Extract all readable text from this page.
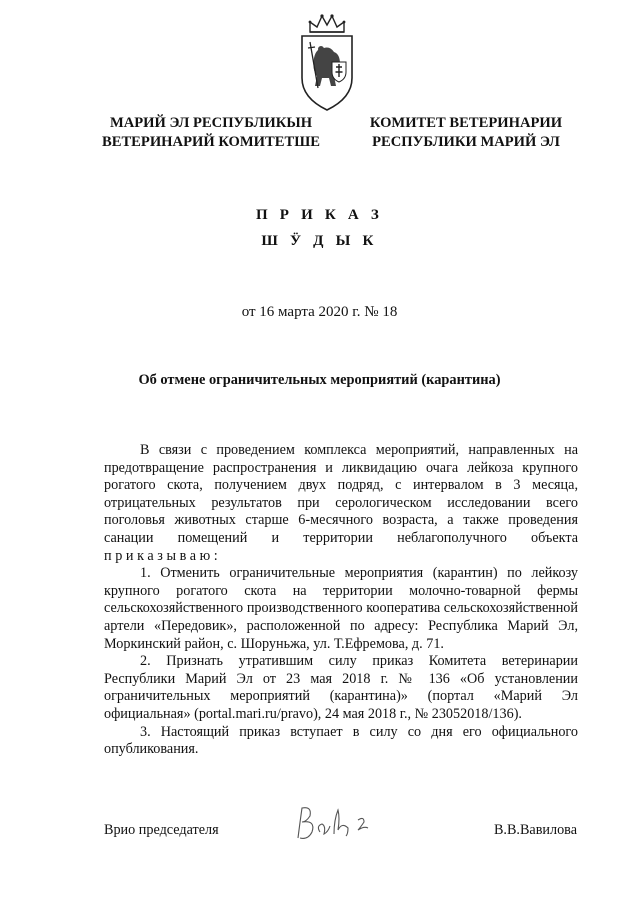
МАРИЙ ЭЛ РЕСПУБЛИКЫН
ВЕТЕРИНАРИЙ КОМИТЕТШЕ
КОМИТЕТ ВЕТЕРИНАРИИ
РЕСПУБЛИКИ МАРИЙ ЭЛ
П Р И К А З
Ш Ӱ Д Ы К
от 16 марта 2020 г. № 18
Об отмене ограничительных мероприятий (карантина)

В связи с проведением комплекса мероприятий, направленных на предотвращение распространения и ликвидацию очага лейкоза крупного рогатого скота, получением двух подряд, с интервалом в 3 месяца, отрицательных результатов при серологическом исследовании всего поголовья животных старше 6-месячного возраста, а также проведения санации помещений и территории неблагополучного объекта приказываю:

1. Отменить ограничительные мероприятия (карантин) по лейкозу крупного рогатого скота на территории молочно-товарной фермы сельскохозяйственного производственного кооператива сельскохозяйственной артели «Передовик», расположенной по адресу: Республика Марий Эл, Моркинский район, с. Шоруньжа, ул. Т.Ефремова, д. 71.

2. Признать утратившим силу приказ Комитета ветеринарии Республики Марий Эл от 23 мая 2018 г. № 136 «Об установлении ограничительных мероприятий (карантина)» (портал «Марий Эл официальная» (portal.mari.ru/pravo), 24 мая 2018 г., № 23052018/136).

3. Настоящий приказ вступает в силу со дня его официального опубликования.

Врио председателя	В.В.Вавилова
